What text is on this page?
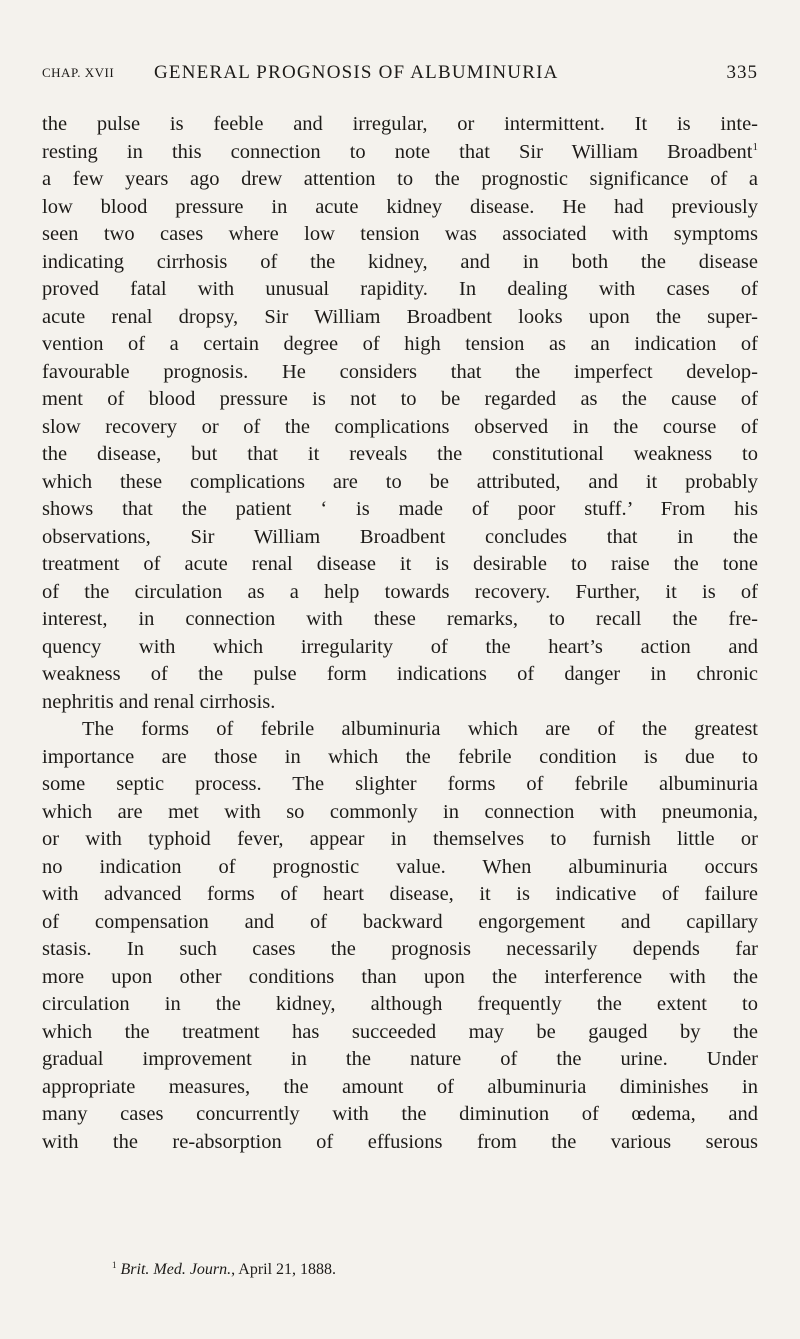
CHAP. XVII GENERAL PROGNOSIS OF ALBUMINURIA	335
the pulse is feeble and irregular, or intermittent. It is inte-
resting in this connection to note that Sir William Broadbent$^1$
a few years ago drew attention to the prognostic significance of a
low blood pressure in acute kidney disease. He had previously
seen two cases where low tension was associated with symptoms
indicating cirrhosis of the kidney, and in both the disease
proved fatal with unusual rapidity. In dealing with cases of
acute renal dropsy, Sir William Broadbent looks upon the super-
vention of a certain degree of high tension as an indication of
favourable prognosis. He considers that the imperfect develop-
ment of blood pressure is not to be regarded as the cause of
slow recovery or of the complications observed in the course of
the disease, but that it reveals the constitutional weakness to
which these complications are to be attributed, and it probably
shows that the patient ‘ is made of poor stuff.’ From his
observations, Sir William Broadbent concludes that in the
treatment of acute renal disease it is desirable to raise the tone
of the circulation as a help towards recovery. Further, it is of
interest, in connection with these remarks, to recall the fre-
quency with which irregularity of the heart’s action and
weakness of the pulse form indications of danger in chronic
nephritis and renal cirrhosis.
The forms of febrile albuminuria which are of the greatest
importance are those in which the febrile condition is due to
some septic process. The slighter forms of febrile albuminuria
which are met with so commonly in connection with pneumonia,
or with typhoid fever, appear in themselves to furnish little or
no indication of prognostic value. When albuminuria occurs
with advanced forms of heart disease, it is indicative of failure
of compensation and of backward engorgement and capillary
stasis. In such cases the prognosis necessarily depends far
more upon other conditions than upon the interference with the
circulation in the kidney, although frequently the extent to
which the treatment has succeeded may be gauged by the
gradual improvement in the nature of the urine. Under
appropriate measures, the amount of albuminuria diminishes in
many cases concurrently with the diminution of œdema, and
with the re-absorption of effusions from the various serous
$^1$ Brit. Med. Journ., April 21, 1888.
